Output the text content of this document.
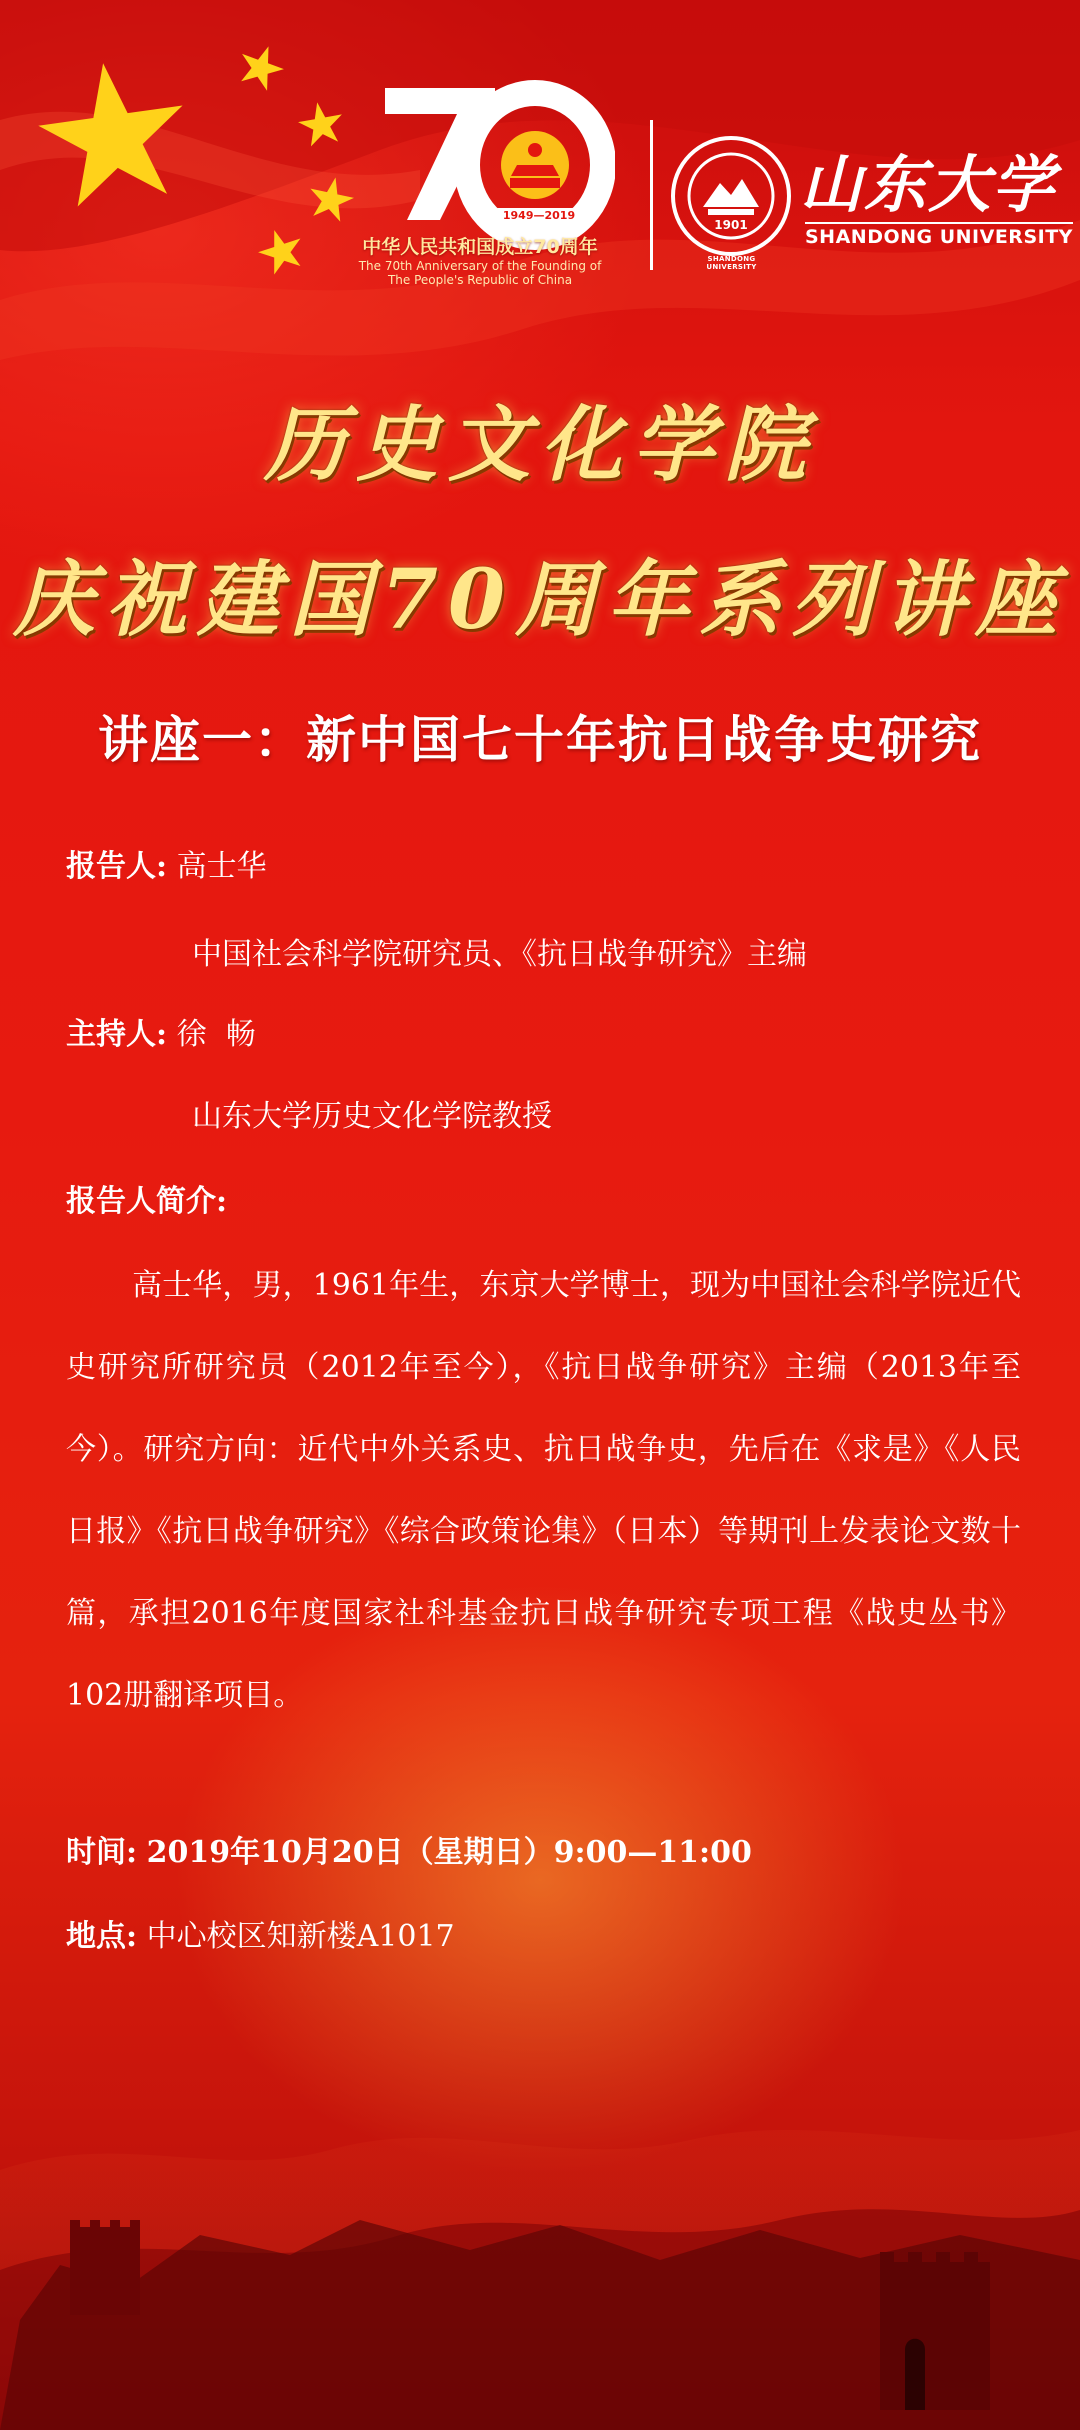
★ ★
★
★
★	1949—2019
中华人民共和国成立70周年
The 70th Anniversary of the Founding of
The People's Republic of China
1901
SHANDONG UNIVERSITY
山东大学
SHANDONG UNIVERSITY
历史文化学院
庆祝建国70周年系列讲座
讲座一：新中国七十年抗日战争史研究
报告人: 高士华
中国社会科学院研究员、《抗日战争研究》主编
主持人: 徐  畅
山东大学历史文化学院教授
报告人简介:
高士华，男，1961年生，东京大学博士，现为中国社会科学院近代史研究所研究员（2012年至今），《抗日战争研究》主编（2013年至今）。研究方向：近代中外关系史、抗日战争史，先后在《求是》《人民日报》《抗日战争研究》《综合政策论集》（日本）等期刊上发表论文数十篇，承担2016年度国家社科基金抗日战争研究专项工程《战史丛书》102册翻译项目。
时间: 2019年10月20日（星期日）9:00—11:00
地点: 中心校区知新楼A1017
